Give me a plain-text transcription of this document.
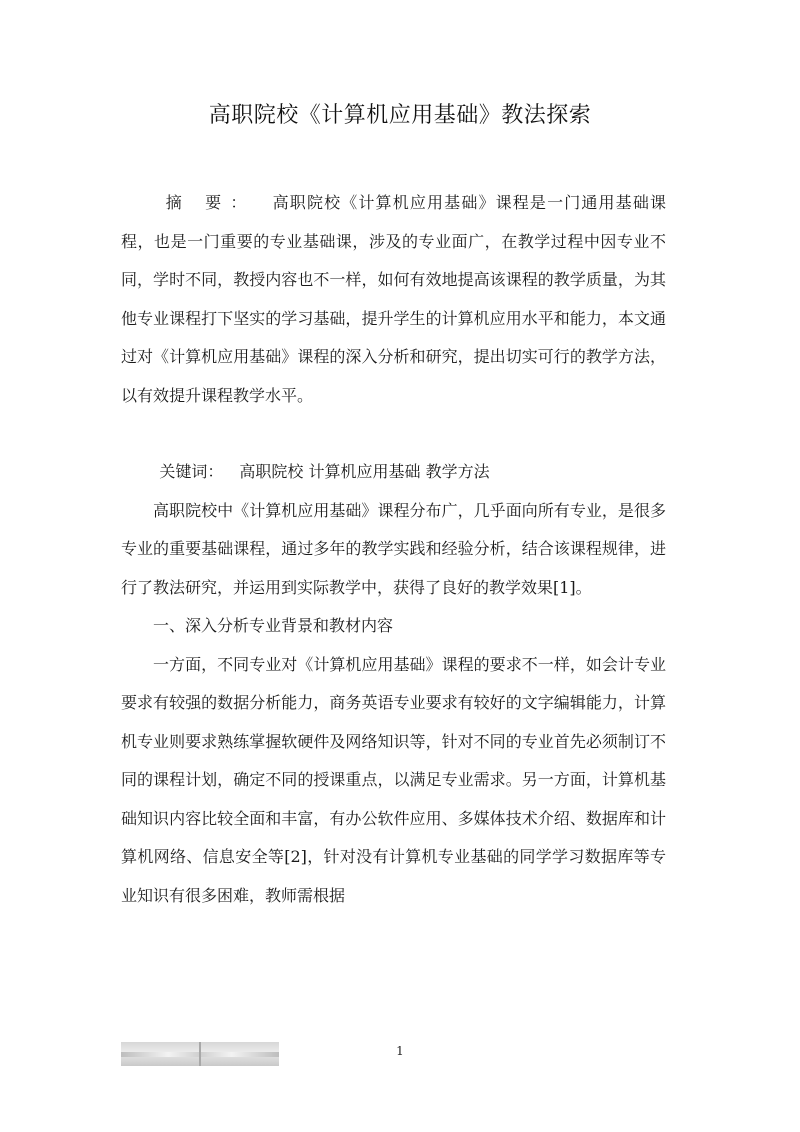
高职院校《计算机应用基础》教法探索

摘 要： 高职院校《计算机应用基础》课程是一门通用基础课程，也是一门重要的专业基础课，涉及的专业面广，在教学过程中因专业不同，学时不同，教授内容也不一样，如何有效地提高该课程的教学质量，为其他专业课程打下坚实的学习基础，提升学生的计算机应用水平和能力，本文通过对《计算机应用基础》课程的深入分析和研究，提出切实可行的教学方法，以有效提升课程教学水平。

关键词： 高职院校 计算机应用基础 教学方法

高职院校中《计算机应用基础》课程分布广，几乎面向所有专业，是很多专业的重要基础课程，通过多年的教学实践和经验分析，结合该课程规律，进行了教法研究，并运用到实际教学中，获得了良好的教学效果[1]。

一、深入分析专业背景和教材内容

一方面，不同专业对《计算机应用基础》课程的要求不一样，如会计专业要求有较强的数据分析能力，商务英语专业要求有较好的文字编辑能力，计算机专业则要求熟练掌握软硬件及网络知识等，针对不同的专业首先必须制订不同的课程计划，确定不同的授课重点，以满足专业需求。另一方面，计算机基础知识内容比较全面和丰富，有办公软件应用、多媒体技术介绍、数据库和计算机网络、信息安全等[2]，针对没有计算机专业基础的同学学习数据库等专业知识有很多困难，教师需根据

1
